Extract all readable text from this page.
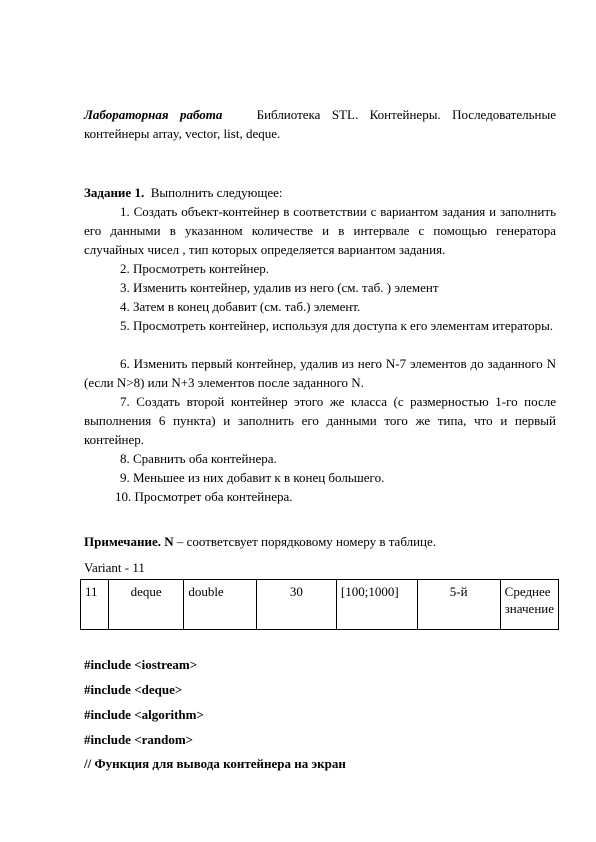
Лабораторная работа	Библиотека STL. Контейнеры. Последовательные контейнеры array, vector, list, deque.
Задание 1. Выполнить следующее:
1. Создать объект-контейнер в соответствии с вариантом задания и заполнить его данными в указанном количестве и в интервале с помощью генератора случайных чисел , тип которых определяется вариантом задания.
2. Просмотреть контейнер.
3. Изменить контейнер, удалив из него (см. таб. ) элемент
4. Затем в конец добавит (см. таб.) элемент.
5. Просмотреть контейнер, используя для доступа к его элементам итераторы.
6. Изменить первый контейнер, удалив из него N-7 элементов до заданного N (если N>8) или N+3 элементов после заданного N.
7. Создать второй контейнер этого же класса (с размерностью 1-го после выполнения 6 пункта) и заполнить его данными того же типа, что и первый контейнер.
8. Сравнить оба контейнера.
9. Меньшее из них добавит к в конец большего.
10. Просмотрет оба контейнера.
Примечание. N – соответсвует порядковому номеру в таблице.
Variant - 11
11	deque	double	30	[100;1000]	5-й	Среднее значение
#include <iostream>
#include <deque>
#include <algorithm>
#include <random>
// Функция для вывода контейнера на экран
